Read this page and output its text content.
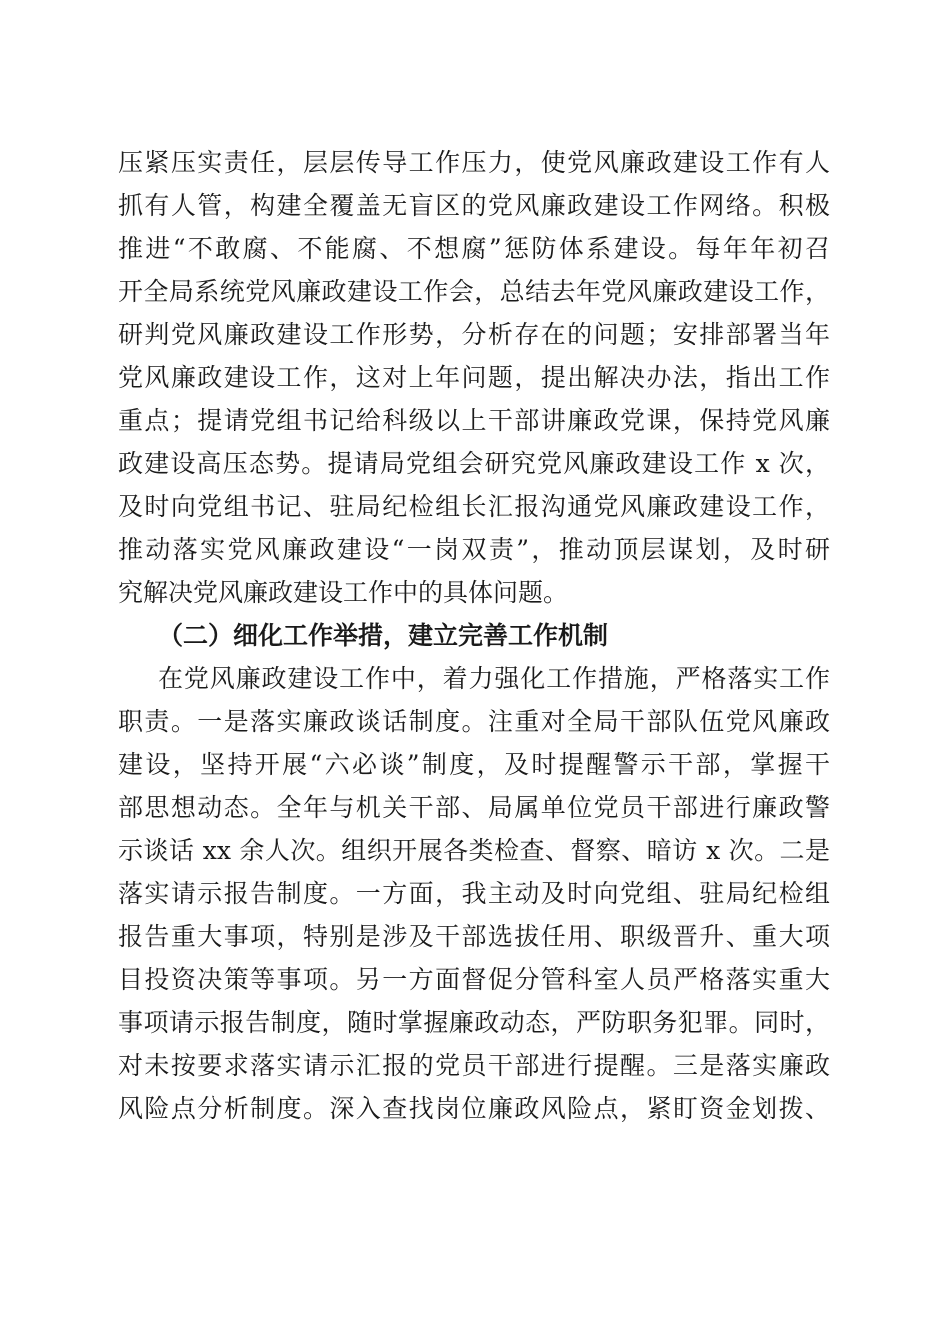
压紧压实责任，层层传导工作压力，使党风廉政建设工作有人
抓有人管，构建全覆盖无盲区的党风廉政建设工作网络。积极
推进“不敢腐、不能腐、不想腐”惩防体系建设。每年年初召
开全局系统党风廉政建设工作会，总结去年党风廉政建设工作，
研判党风廉政建设工作形势，分析存在的问题；安排部署当年
党风廉政建设工作，这对上年问题，提出解决办法，指出工作
重点；提请党组书记给科级以上干部讲廉政党课，保持党风廉
政建设高压态势。提请局党组会研究党风廉政建设工作 x 次，
及时向党组书记、驻局纪检组长汇报沟通党风廉政建设工作，
推动落实党风廉政建设“一岗双责”，推动顶层谋划，及时研
究解决党风廉政建设工作中的具体问题。
（二）细化工作举措，建立完善工作机制
在党风廉政建设工作中，着力强化工作措施，严格落实工作
职责。一是落实廉政谈话制度。注重对全局干部队伍党风廉政
建设，坚持开展“六必谈”制度，及时提醒警示干部，掌握干
部思想动态。全年与机关干部、局属单位党员干部进行廉政警
示谈话 xx 余人次。组织开展各类检查、督察、暗访 x 次。二是
落实请示报告制度。一方面，我主动及时向党组、驻局纪检组
报告重大事项，特别是涉及干部选拔任用、职级晋升、重大项
目投资决策等事项。另一方面督促分管科室人员严格落实重大
事项请示报告制度，随时掌握廉政动态，严防职务犯罪。同时，
对未按要求落实请示汇报的党员干部进行提醒。三是落实廉政
风险点分析制度。深入查找岗位廉政风险点，紧盯资金划拨、
